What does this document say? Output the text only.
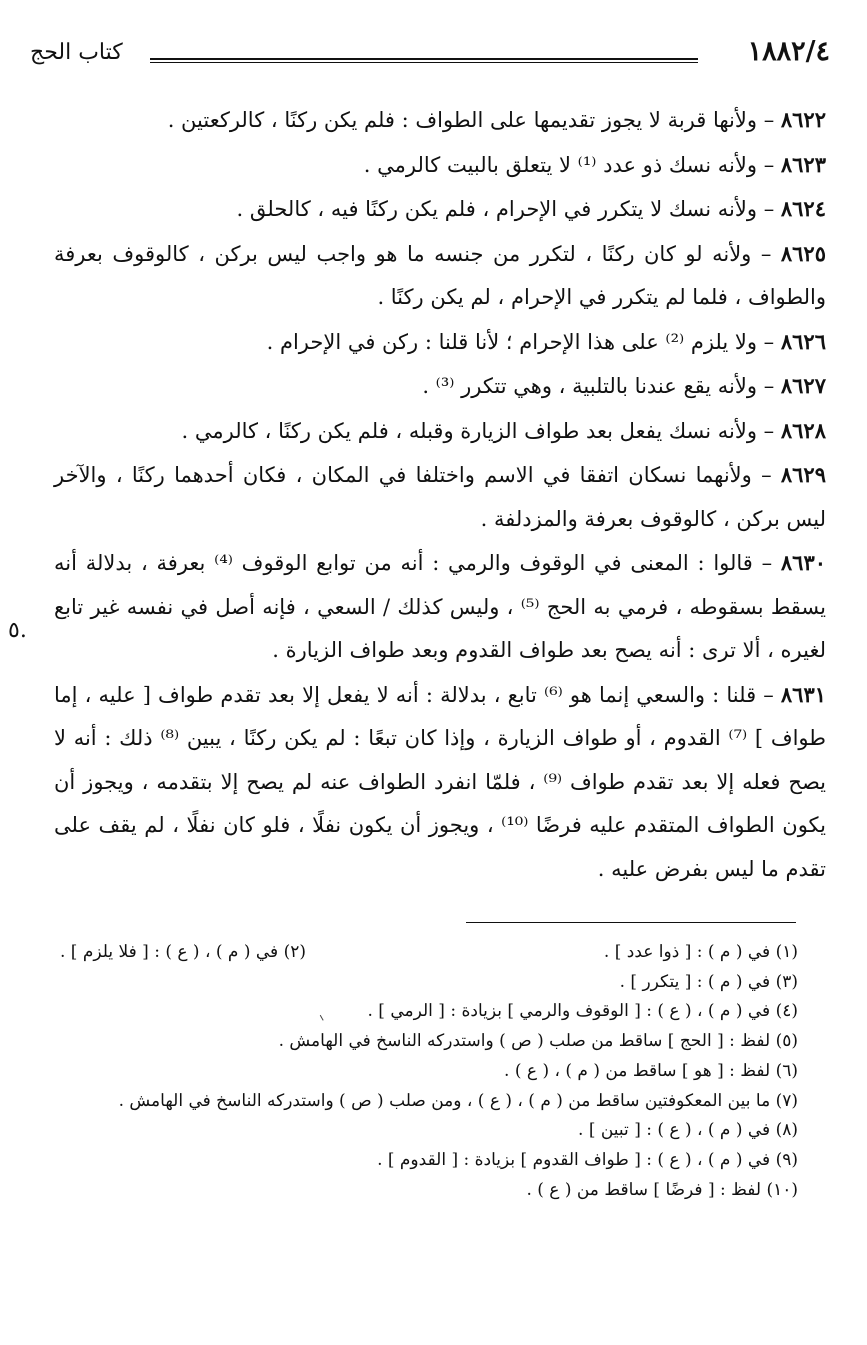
١٨٨٢/٤
كتاب الحج
.٥

٨٦٢٢ – ولأنها قربة لا يجوز تقديمها على الطواف : فلم يكن ركنًا ، كالركعتين .

٨٦٢٣ – ولأنه نسك ذو عدد ⁽¹⁾ لا يتعلق بالبيت كالرمي .

٨٦٢٤ – ولأنه نسك لا يتكرر في الإحرام ، فلم يكن ركنًا فيه ، كالحلق .

٨٦٢٥ – ولأنه لو كان ركنًا ، لتكرر من جنسه ما هو واجب ليس بركن ، كالوقوف بعرفة والطواف ، فلما لم يتكرر في الإحرام ، لم يكن ركنًا .

٨٦٢٦ – ولا يلزم ⁽²⁾ على هذا الإحرام ؛ لأنا قلنا : ركن في الإحرام .

٨٦٢٧ – ولأنه يقع عندنا بالتلبية ، وهي تتكرر ⁽³⁾ .

٨٦٢٨ – ولأنه نسك يفعل بعد طواف الزيارة وقبله ، فلم يكن ركنًا ، كالرمي .

٨٦٢٩ – ولأنهما نسكان اتفقا في الاسم واختلفا في المكان ، فكان أحدهما ركنًا ، والآخر ليس بركن ، كالوقوف بعرفة والمزدلفة .

٨٦٣٠ – قالوا : المعنى في الوقوف والرمي : أنه من توابع الوقوف ⁽⁴⁾ بعرفة ، بدلالة أنه يسقط بسقوطه ، فرمي به الحج ⁽⁵⁾ ، وليس كذلك / السعي ، فإنه أصل في نفسه غير تابع لغيره ، ألا ترى : أنه يصح بعد طواف القدوم وبعد طواف الزيارة .

٨٦٣١ – قلنا : والسعي إنما هو ⁽⁶⁾ تابع ، بدلالة : أنه لا يفعل إلا بعد تقدم طواف [ عليه ، إما طواف ] ⁽⁷⁾ القدوم ، أو طواف الزيارة ، وإذا كان تبعًا : لم يكن ركنًا ، يبين ⁽⁸⁾ ذلك : أنه لا يصح فعله إلا بعد تقدم طواف ⁽⁹⁾ ، فلمّا انفرد الطواف عنه لم يصح إلا بتقدمه ، ويجوز أن يكون الطواف المتقدم عليه فرضًا ⁽¹⁰⁾ ، ويجوز أن يكون نفلًا ، فلو كان نفلًا ، لم يقف على تقدم ما ليس بفرض عليه .

(١) في ( م ) : [ ذوا عدد ] .
(٢) في ( م ) ، ( ع ) : [ فلا يلزم ] .
(٣) في ( م ) : [ يتكرر ] .
(٤) في ( م ) ، ( ع ) : [ الوقوف والرمي ] بزيادة : [ الرمي ] .
(٥) لفظ : [ الحج ] ساقط من صلب ( ص ) واستدركه الناسخ في الهامش .
(٦) لفظ : [ هو ] ساقط من ( م ) ، ( ع ) .
(٧) ما بين المعكوفتين ساقط من ( م ) ، ( ع ) ، ومن صلب ( ص ) واستدركه الناسخ في الهامش .
(٨) في ( م ) ، ( ع ) : [ تبين ] .
(٩) في ( م ) ، ( ع ) : [ طواف القدوم ] بزيادة : [ القدوم ] .
(١٠) لفظ : [ فرضًا ] ساقط من ( ع ) .
